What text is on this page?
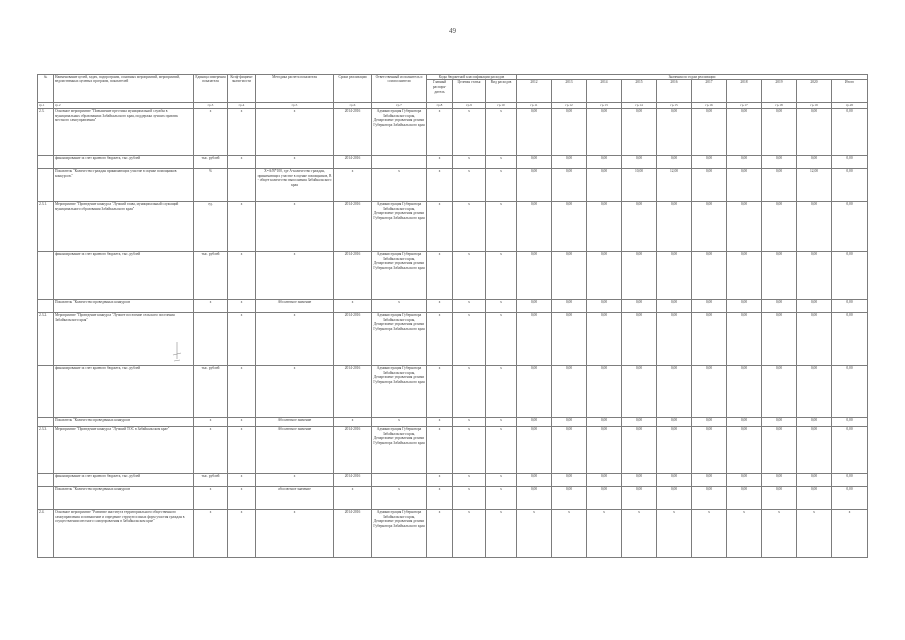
49
№	Наименование целей, задач, подпрограмм, основных мероприятий, мероприятий, ведомственных целевых программ, показателей	Единица измерения показателя	Коэф-фициент значи-мости	Методика расчета показателя	Сроки реализации	Ответственный исполнитель и соисполнители	Коды бюджетной классификации расходов			Значения по годам реализации									
							Главный распоря-дитель	Целевая статья	Вид расходов	2012	2013	2014	2015	2016	2017	2018	2019	2020	Итого
гр.1	гр.2	гр.3	гр.4	гр.5	гр.6	гр.7	гр.8	гр.9	гр.10	гр.11	гр.12	гр.13	гр.14	гр.15	гр.16	гр.17	гр.18	гр.19	гр.20
2.3.	Основное мероприятие "Повышение престижа муниципальной службы в муниципальных образованиях Забайкальского края, поддержка лучших практик местного самоуправления"	x	x	x	2014-2016	Администрация Губернатора Забайкальского края, Департамент управления делами Губернатора Забайкальского края	x	x	x	0,00	0,00	0,00	0,00	0,00	0,00	0,00	0,00	0,00	0,00
	финансирование за счет краевого бюджета, тыс. рублей	тыс. рублей	x	x	2014-2016		x	x	x	0,00	0,00	0,00	0,00	0,00	0,00	0,00	0,00	0,00	0,00
	Показатель "Количество граждан принимающих участие в оценке помощников конкурсов."	%		X=A/B*100, где A-количество граждан, принимающих участие в оценке помощников, B - общее количество выполнения Забайкальского края	x	x	x	x	x	0,00	0,00	0,00	10,00	12,00	0,00	0,00	0,00	12,00	0,00
2.3.1.	Мероприятие "Проведение конкурса "Лучший глава, муниципальный служащий муниципального образования Забайкальского края"	ед.	x	x	2014-2016	Администрация Губернатора Забайкальского края, Департамент управления делами Губернатора Забайкальского края	x	x	x	0,00	0,00	0,00	0,00	0,00	0,00	0,00	0,00	0,00	0,00
	финансирование за счет краевого бюджета, тыс. рублей	тыс. рублей	x	x	2014-2016	Администрация Губернатора Забайкальского края, Департамент управления делами Губернатора Забайкальского края	x	x	x	0,00	0,00	0,00	0,00	0,00	0,00	0,00	0,00	0,00	0,00
	Показатель "Количество проведенных конкурсов	x	x	Абсолютное значение	x	x	x	x	x	0,00	0,00	0,00	0,00	0,00	0,00	0,00	0,00	0,00	0,00
2.3.2.	Мероприятие "Проведение конкурса "Лучшее поселение сельского поселения Забайкальского края"		x	x	2014-2016	Администрация Губернатора Забайкальского края, Департамент управления делами Губернатора Забайкальского края	x	x	x	0,00	0,00	0,00	0,00	0,00	0,00	0,00	0,00	0,00	0,00
	финансирование за счет краевого бюджета, тыс. рублей	тыс. рублей	x	x	2014-2016	Администрация Губернатора Забайкальского края, Департамент управления делами Губернатора Забайкальского края	x	x	x	0,00	0,00	0,00	0,00	0,00	0,00	0,00	0,00	0,00	0,00
	Показатель "Количество проведенных конкурсов	x	x	Абсолютное значение	x	x	x	x	x	0,00	0,00	0,00	0,00	0,00	0,00	0,00	0,00	0,00	0,00
2.3.3.	Мероприятие "Проведение конкурса "Лучший ТОС в Забайкальском крае"	x	x	Абсолютное значение	2014-2016	Администрация Губернатора Забайкальского края, Департамент управления делами Губернатора Забайкальского края	x	x	x	0,00	0,00	0,00	0,00	0,00	0,00	0,00	0,00	0,00	0,00
	финансирование за счет краевого бюджета, тыс. рублей	тыс. рублей	x	x	2014-2016		x	x	x	0,00	0,00	0,00	0,00	0,00	0,00	0,00	0,00	0,00	0,00
	Показатель "Количество проведенных конкурсов	x	x	абсолютное значение	x	x	x	x	x	0,00	0,00	0,00	0,00	0,00	0,00	0,00	0,00	0,00	0,00
2.4.	Основное мероприятие "Развитие института территориального общественного самоуправления и повышение и опредение струкую и иных форм участия граждан в осуществлении местного самоуправления в Забайкальском крае"	x	x	x	2014-2016	Администрация Губернатора Забайкальского края, Департамент управления делами Губернатора Забайкальского края	x	x	x	x	x	x	x	x	x	x	x	x	x
